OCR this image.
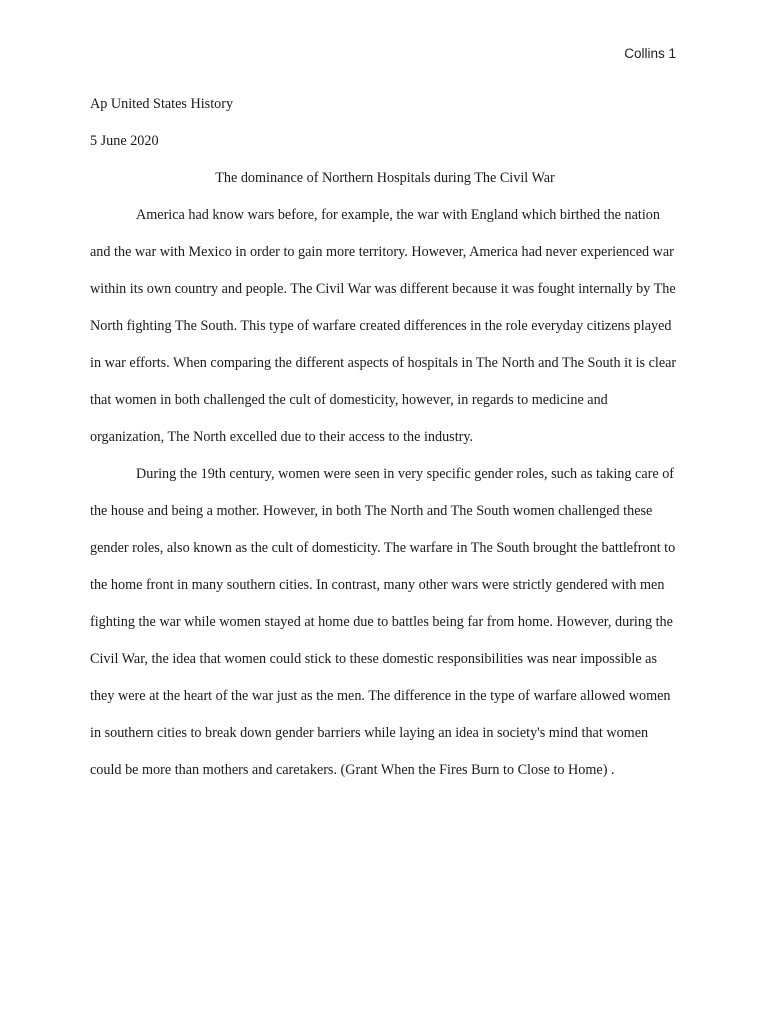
Collins 1
Ap United States History
5 June 2020
The dominance of Northern Hospitals during The Civil War

America had know wars before, for example, the war with England which birthed the nation and the war with Mexico in order to gain more territory. However, America had never experienced war within its own country and people. The Civil War was different because it was fought internally by The North fighting The South. This type of warfare created differences in the role everyday citizens played in war efforts. When comparing the different aspects of hospitals in The North and The South it is clear that women in both challenged the cult of domesticity, however, in regards to medicine and organization, The North excelled due to their access to the industry.

During the 19th century, women were seen in very specific gender roles, such as taking care of the house and being a mother. However, in both The North and The South women challenged these gender roles, also known as the cult of domesticity. The warfare in The South brought the battlefront to the home front in many southern cities. In contrast, many other wars were strictly gendered with men fighting the war while women stayed at home due to battles being far from home. However, during the Civil War, the idea that women could stick to these domestic responsibilities was near impossible as they were at the heart of the war just as the men. The difference in the type of warfare allowed women in southern cities to break down gender barriers while laying an idea in society's mind that women could be more than mothers and caretakers. (Grant When the Fires Burn to Close to Home) .
